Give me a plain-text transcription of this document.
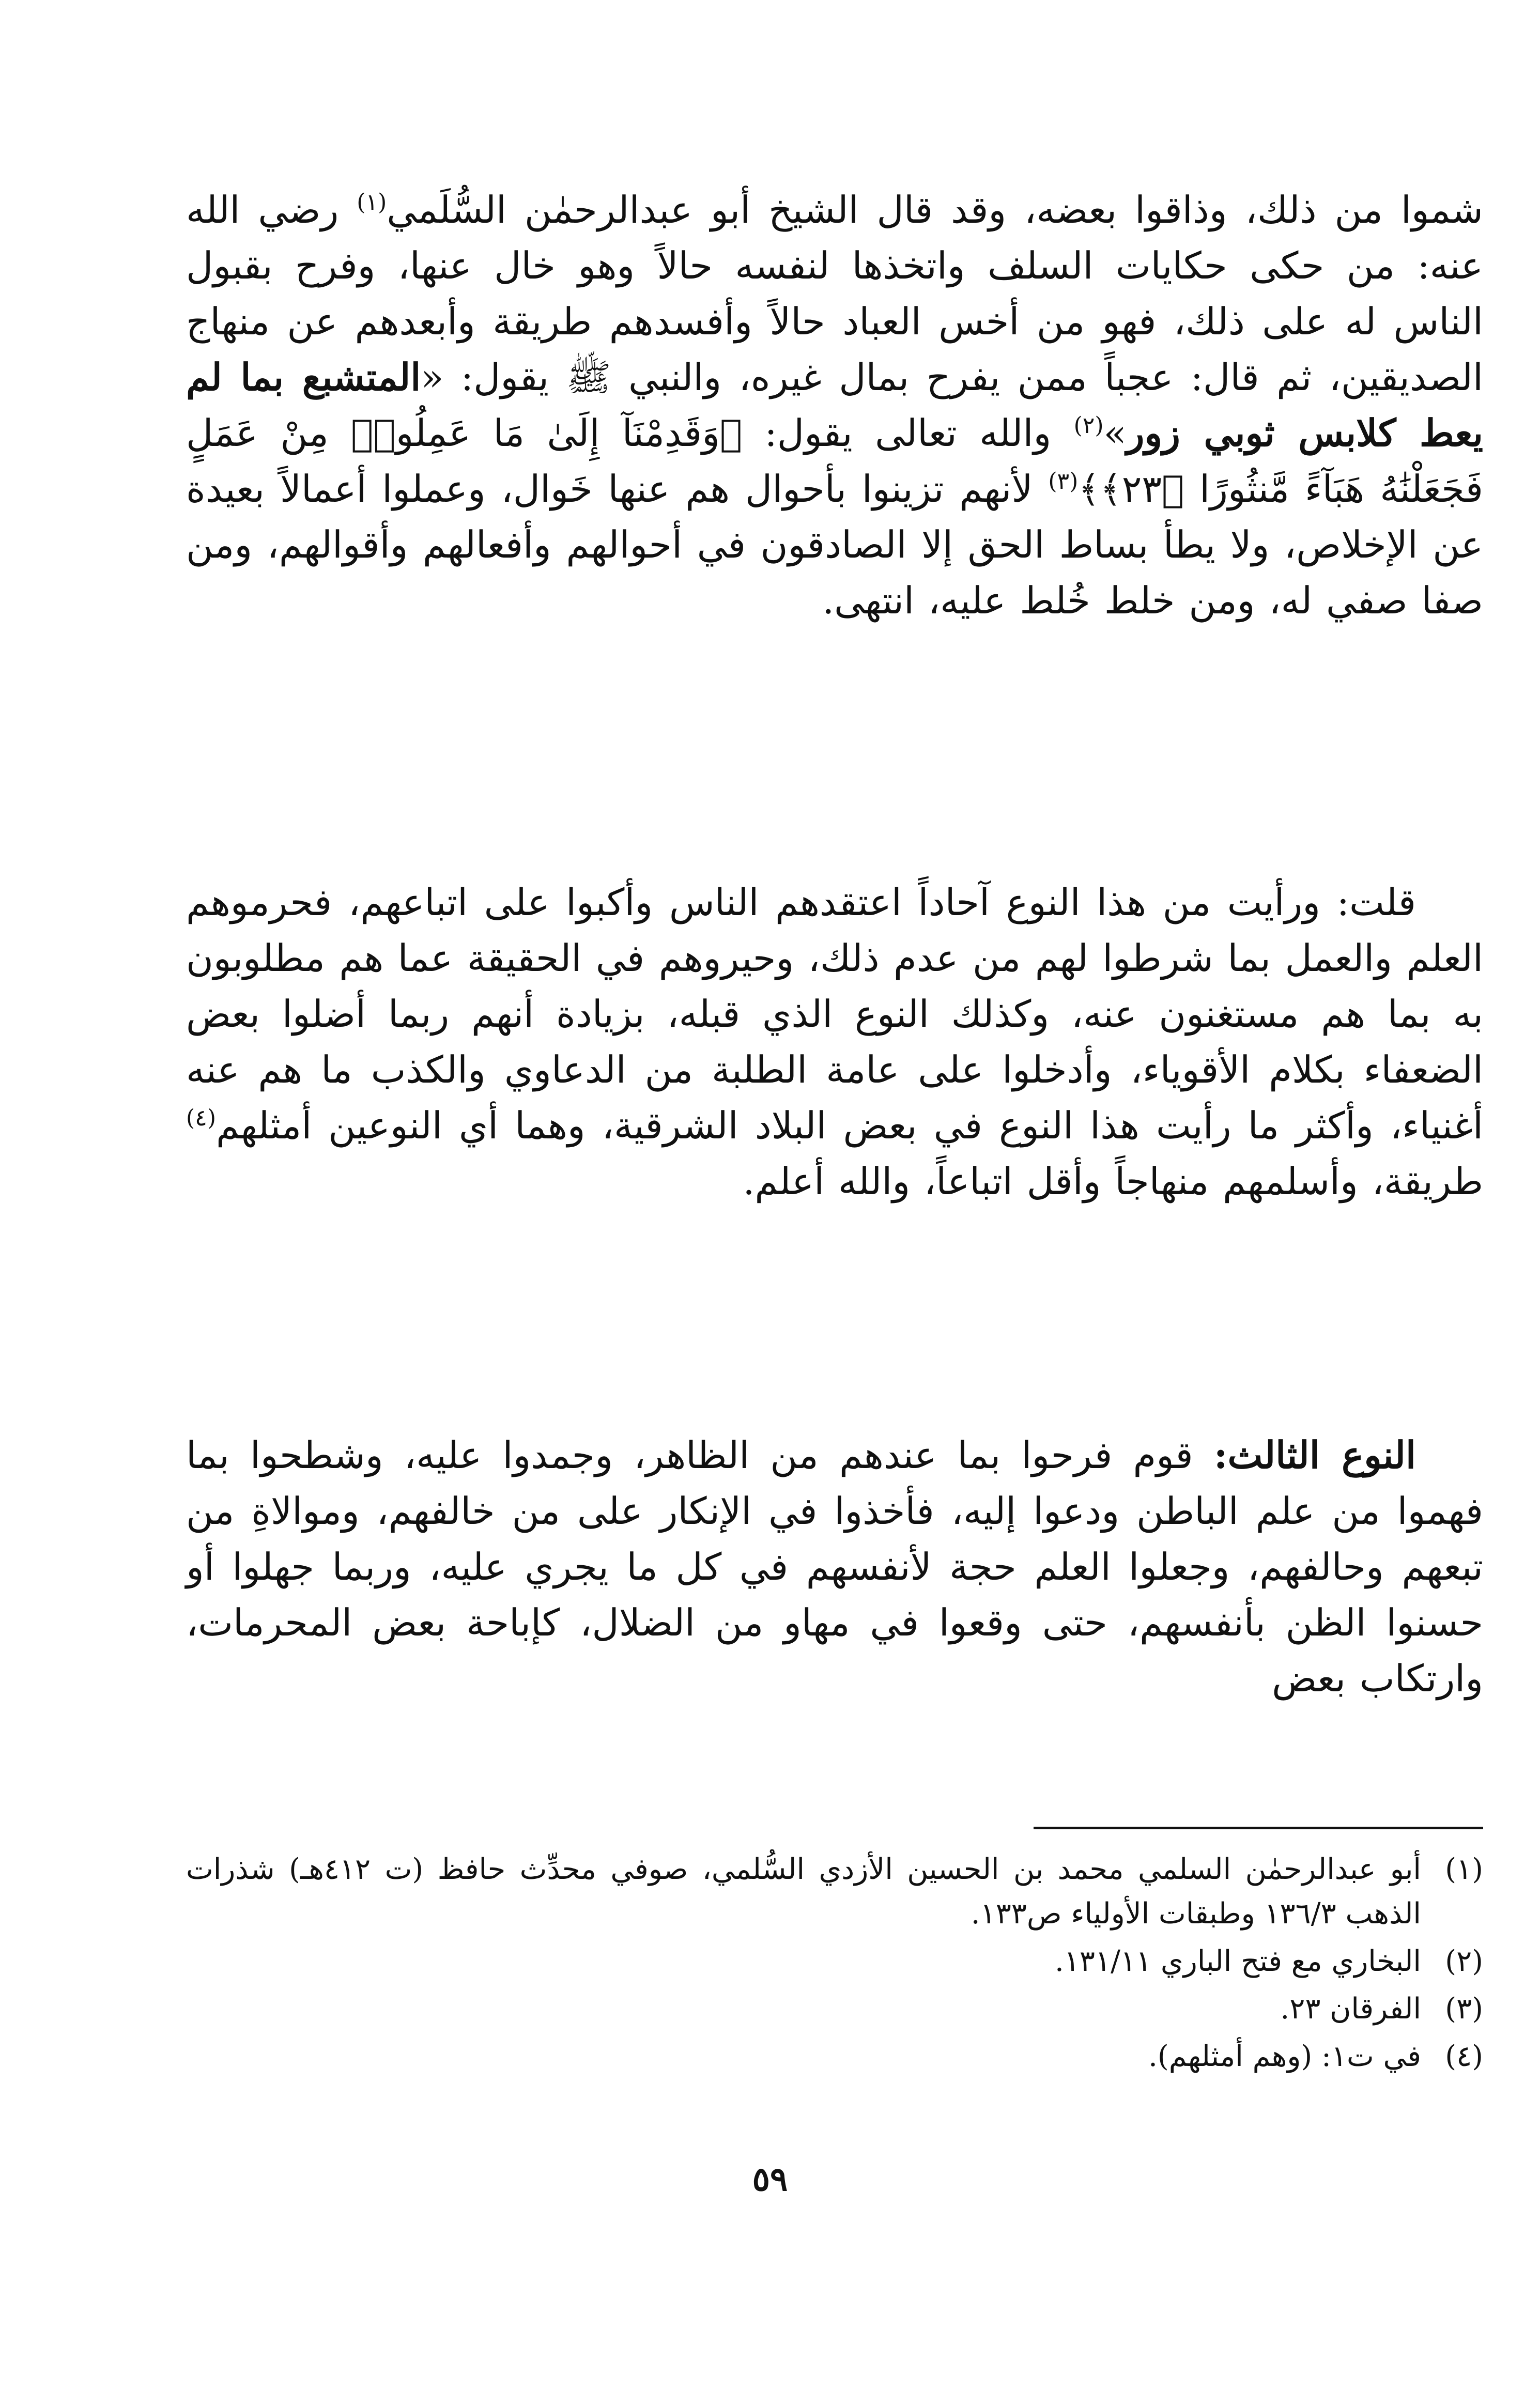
شموا من ذلك، وذاقوا بعضه، وقد قال الشيخ أبو عبدالرحمٰن السُّلَمي$^{(١)}$ رضي الله عنه: من حكى حكايات السلف واتخذها لنفسه حالاً وهو خال عنها، وفرح بقبول الناس له على ذلك، فهو من أخس العباد حالاً وأفسدهم طريقة وأبعدهم عن منهاج الصديقين، ثم قال: عجباً ممن يفرح بمال غيره، والنبي ﷺ يقول: «المتشبع بما لم يعط كلابس ثوبي زور»$^{(٢)}$ والله تعالى يقول: ﴿وَقَدِمْنَآ إِلَىٰ مَا عَمِلُوا۟ مِنْ عَمَلٍ فَجَعَلْنَٰهُ هَبَآءً مَّنثُورًا ﴿٢٣﴾﴾$^{(٣)}$ لأنهم تزينوا بأحوال هم عنها خَوال، وعملوا أعمالاً بعيدة عن الإخلاص، ولا يطأ بساط الحق إلا الصادقون في أحوالهم وأفعالهم وأقوالهم، ومن صفا صفي له، ومن خلط خُلط عليه، انتهى.

قلت: ورأيت من هذا النوع آحاداً اعتقدهم الناس وأكبوا على اتباعهم، فحرموهم العلم والعمل بما شرطوا لهم من عدم ذلك، وحيروهم في الحقيقة عما هم مطلوبون به بما هم مستغنون عنه، وكذلك النوع الذي قبله، بزيادة أنهم ربما أضلوا بعض الضعفاء بكلام الأقوياء، وأدخلوا على عامة الطلبة من الدعاوي والكذب ما هم عنه أغنياء، وأكثر ما رأيت هذا النوع في بعض البلاد الشرقية، وهما أي النوعين أمثلهم$^{(٤)}$ طريقة، وأسلمهم منهاجاً وأقل اتباعاً، والله أعلم.

النوع الثالث: قوم فرحوا بما عندهم من الظاهر، وجمدوا عليه، وشطحوا بما فهموا من علم الباطن ودعوا إليه، فأخذوا في الإنكار على من خالفهم، وموالاةِ من تبعهم وحالفهم، وجعلوا العلم حجة لأنفسهم في كل ما يجري عليه، وربما جهلوا أو حسنوا الظن بأنفسهم، حتى وقعوا في مهاو من الضلال، كإباحة بعض المحرمات، وارتكاب بعض

(١)
أبو عبدالرحمٰن السلمي محمد بن الحسين الأزدي السُّلمي، صوفي محدِّث حافظ (ت ٤١٢هـ) شذرات الذهب ١٣٦/٣ وطبقات الأولياء ص١٣٣.
(٢)
البخاري مع فتح الباري ١٣١/١١.
(٣)
الفرقان ٢٣.
(٤)
في ت١: (وهم أمثلهم).
٥٩
